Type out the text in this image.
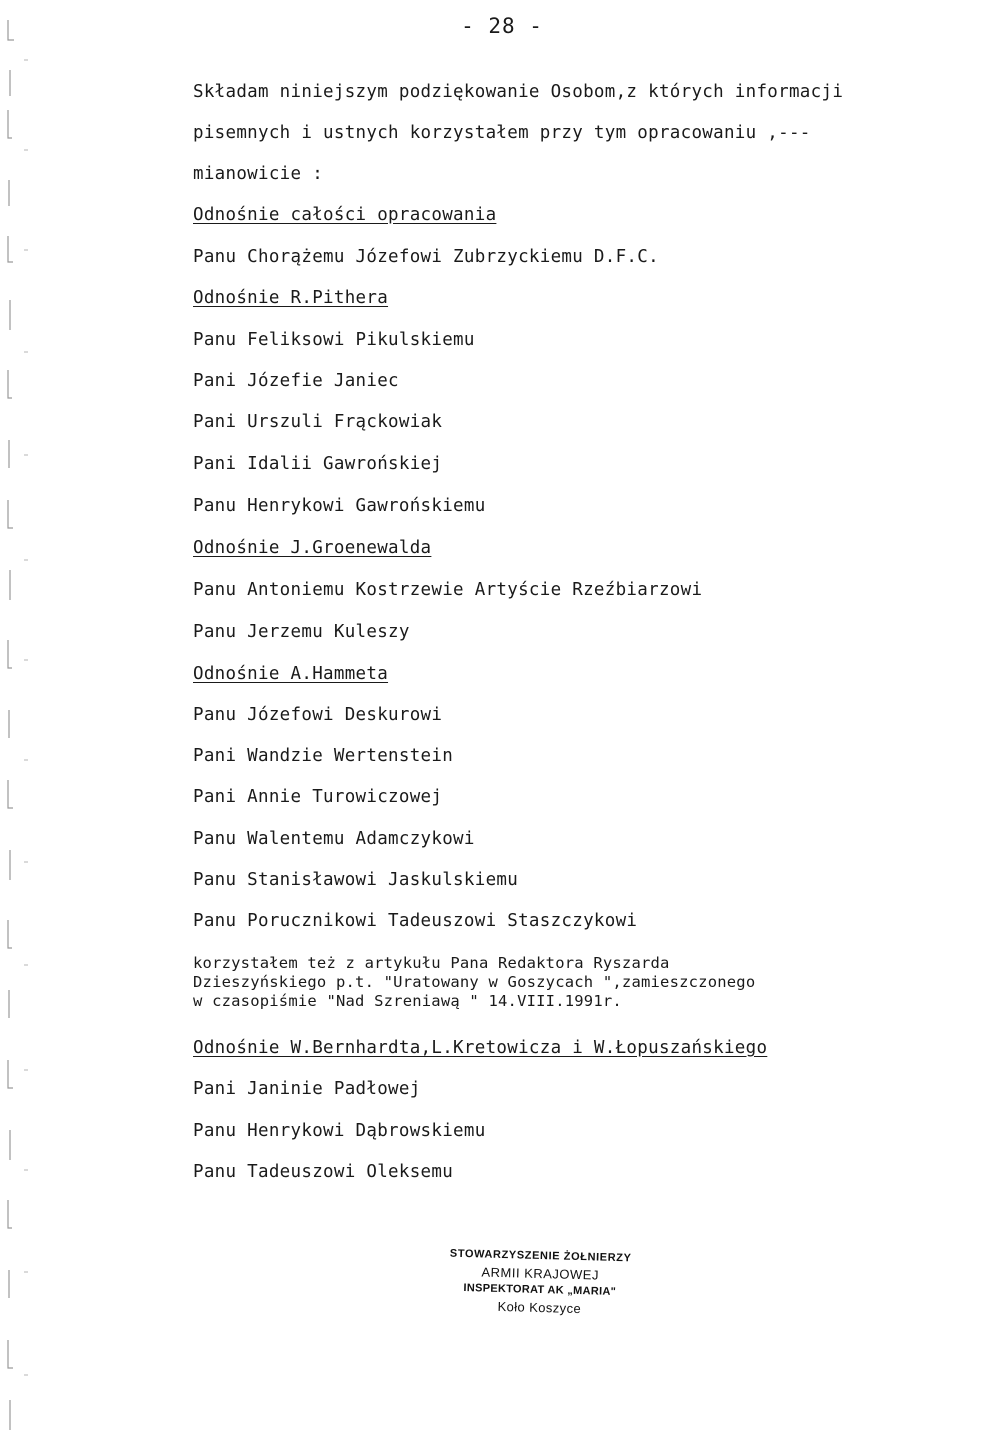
- 28 -
Składam niniejszym podziękowanie Osobom,z których informacji
pisemnych i ustnych korzystałem przy tym opracowaniu ,---
mianowicie :
Odnośnie całości opracowania
Panu Chorążemu Józefowi Zubrzyckiemu D.F.C.
Odnośnie R.Pithera
Panu Feliksowi Pikulskiemu
Pani Józefie Janiec
Pani Urszuli Frąckowiak
Pani Idalii Gawrońskiej
Panu Henrykowi Gawrońskiemu
Odnośnie J.Groenewalda
Panu Antoniemu Kostrzewie Artyście Rzeźbiarzowi
Panu Jerzemu Kuleszy
Odnośnie A.Hammeta
Panu Józefowi Deskurowi
Pani Wandzie Wertenstein
Pani Annie Turowiczowej
Panu Walentemu Adamczykowi
Panu Stanisławowi Jaskulskiemu
Panu Porucznikowi Tadeuszowi Staszczykowi
korzystałem też z artykułu Pana Redaktora Ryszarda
Dzieszyńskiego p.t. "Uratowany w Goszycach ",zamieszczonego
w czasopiśmie "Nad Szreniawą " 14.VIII.1991r.
Odnośnie W.Bernhardta,L.Kretowicza i W.Łopuszańskiego
Pani Janinie Padłowej
Panu Henrykowi Dąbrowskiemu
Panu Tadeuszowi Oleksemu
STOWARZYSZENIE ŻOŁNIERZY
ARMII KRAJOWEJ
INSPEKTORAT AK „MARIA"
Koło Koszyce
